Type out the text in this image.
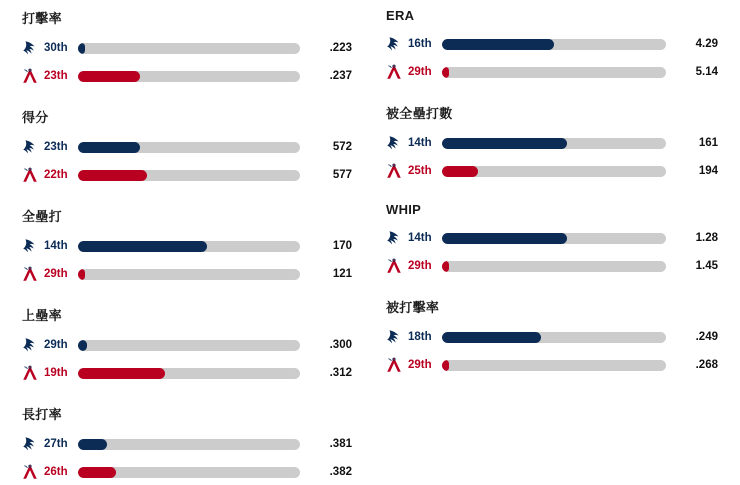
打擊率
30th	.223
23th	.237
得分
23th	572
22th	577
全壘打
14th	170
29th	121
上壘率
29th	.300
19th	.312
長打率
27th	.381
26th	.382
ERA
16th	4.29
29th	5.14
被全壘打數
14th	161
25th	194
WHIP
14th	1.28
29th	1.45
被打擊率
18th	.249
29th	.268
